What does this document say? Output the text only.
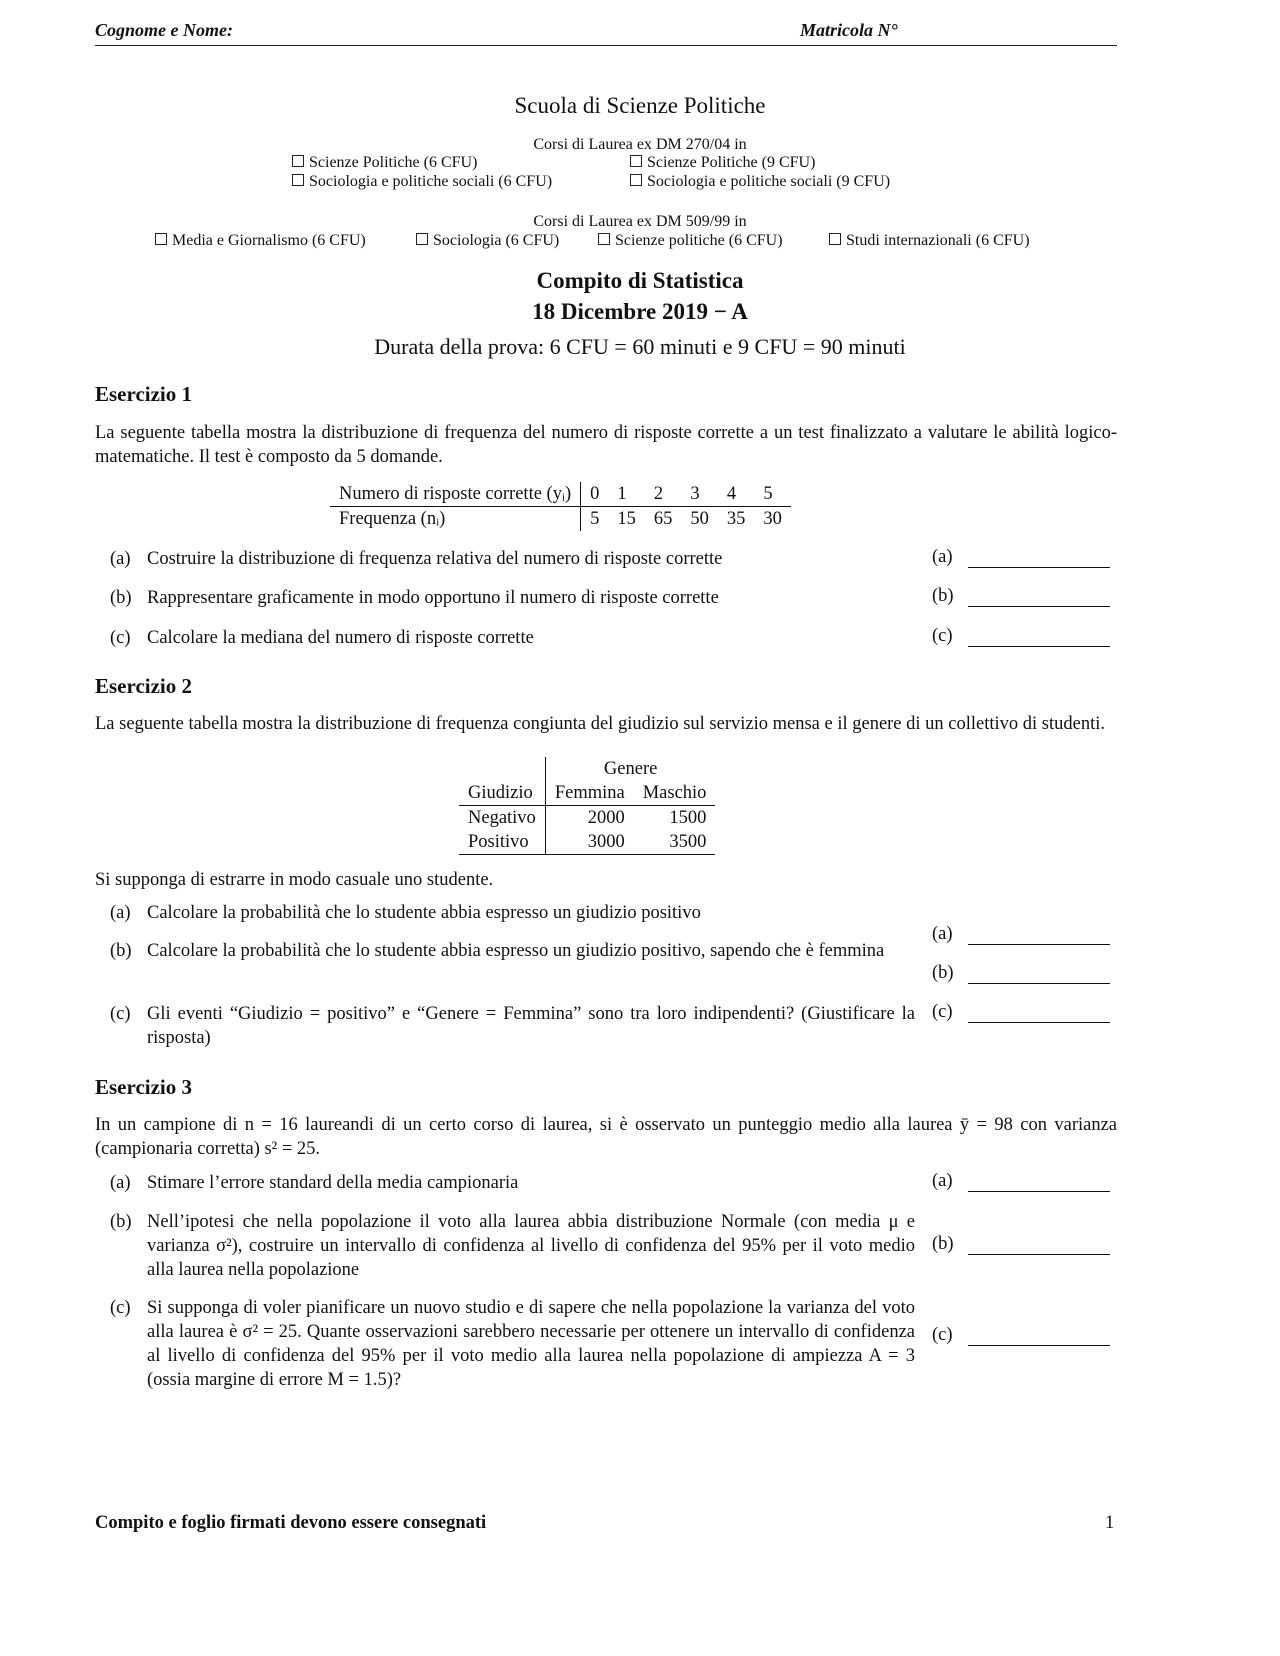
Cognome e Nome:	Matricola N°
Scuola di Scienze Politiche
Corsi di Laurea ex DM 270/04 in
Scienze Politiche (6 CFU)	Scienze Politiche (9 CFU)
Sociologia e politiche sociali (6 CFU)	Sociologia e politiche sociali (9 CFU)
Corsi di Laurea ex DM 509/99 in
Media e Giornalismo (6 CFU)	Sociologia (6 CFU)	Scienze politiche (6 CFU)	Studi internazionali (6 CFU)
Compito di Statistica
18 Dicembre 2019 − A
Durata della prova: 6 CFU = 60 minuti e 9 CFU = 90 minuti
Esercizio 1
La seguente tabella mostra la distribuzione di frequenza del numero di risposte corrette a un test finalizzato a valutare le abilità logico-matematiche. Il test è composto da 5 domande.
Numero di risposte corrette (yᵢ)	0	1	2	3	4	5
Frequenza (nᵢ)	5	15	65	50	35	30
(a) Costruire la distribuzione di frequenza relativa del numero di risposte corrette	(a)
(b) Rappresentare graficamente in modo opportuno il numero di risposte corrette	(b)
(c) Calcolare la mediana del numero di risposte corrette	(c)
Esercizio 2
La seguente tabella mostra la distribuzione di frequenza congiunta del giudizio sul servizio mensa e il genere di un collettivo di studenti.
	Genere	
Giudizio	Femmina	Maschio
Negativo	2000	1500
Positivo	3000	3500
Si supponga di estrarre in modo casuale uno studente.
(a) Calcolare la probabilità che lo studente abbia espresso un giudizio positivo
(b) Calcolare la probabilità che lo studente abbia espresso un giudizio positivo, sapendo che è femmina
(c) Gli eventi “Giudizio = positivo” e “Genere = Femmina” sono tra loro indipendenti? (Giustificare la risposta)
(a)
(b)
(c)
Esercizio 3
In un campione di n = 16 laureandi di un certo corso di laurea, si è osservato un punteggio medio alla laurea ȳ = 98 con varianza (campionaria corretta) s² = 25.
(a) Stimare l’errore standard della media campionaria	(a)
(b) Nell’ipotesi che nella popolazione il voto alla laurea abbia distribuzione Normale (con media μ e varianza σ²), costruire un intervallo di confidenza al livello di confidenza del 95% per il voto medio alla laurea nella popolazione
(b)
(c) Si supponga di voler pianificare un nuovo studio e di sapere che nella popolazione la varianza del voto alla laurea è σ² = 25. Quante osservazioni sarebbero necessarie per ottenere un intervallo di confidenza al livello di confidenza del 95% per il voto medio alla laurea nella popolazione di ampiezza A = 3 (ossia margine di errore M = 1.5)?
(c)
Compito e foglio firmati devono essere consegnati	1
